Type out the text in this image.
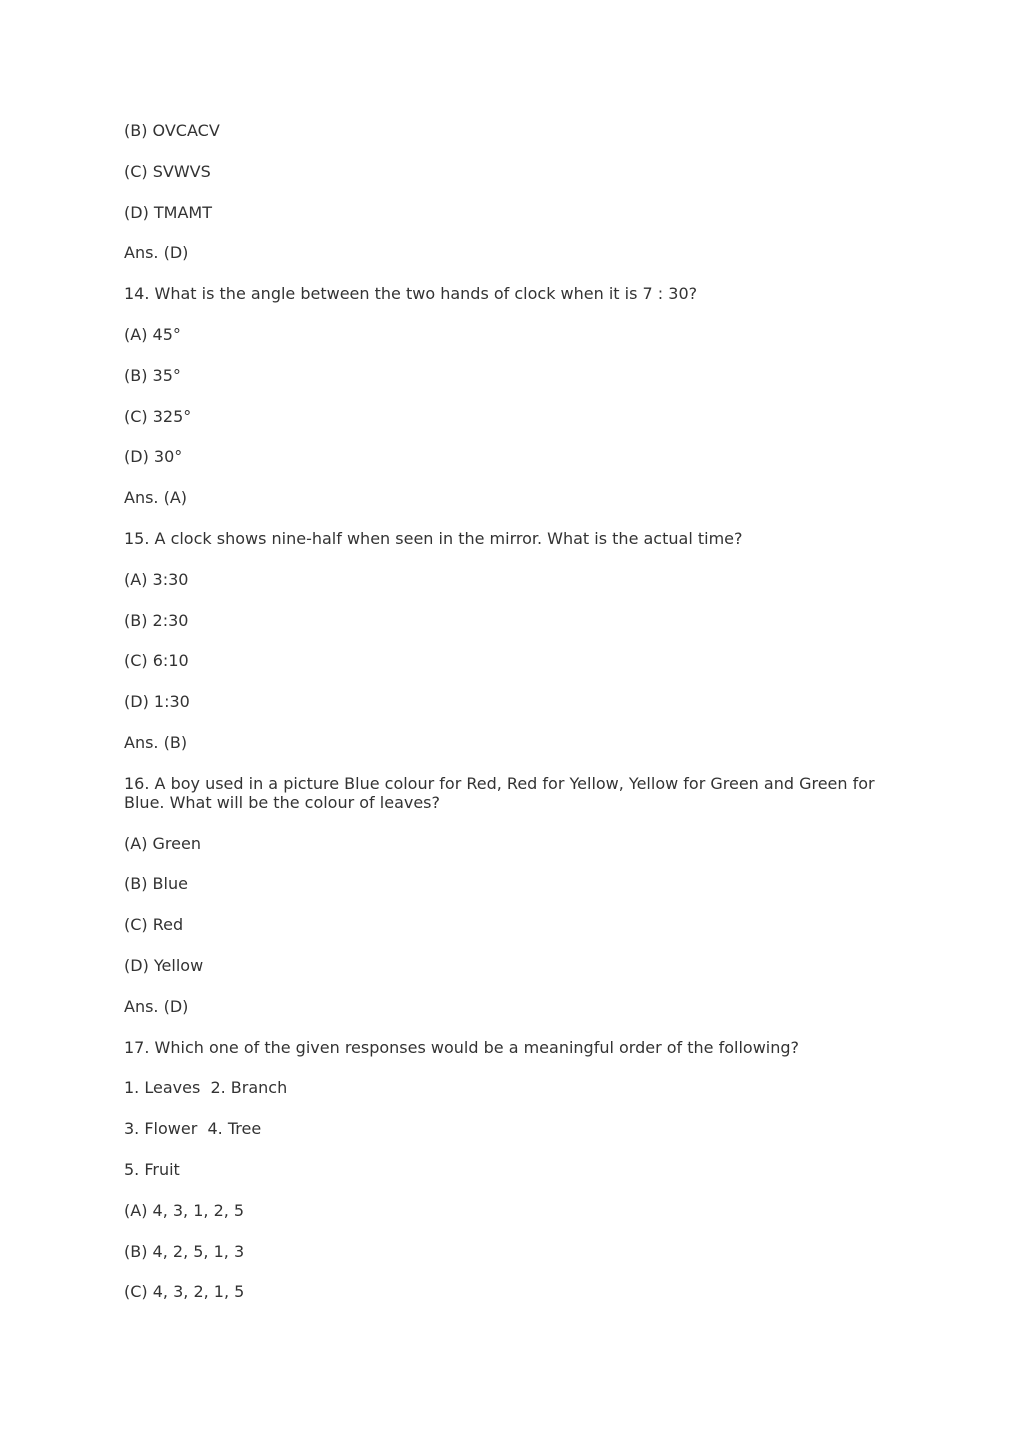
(B) OVCACV

(C) SVWVS

(D) TMAMT

Ans. (D)

14. What is the angle between the two hands of clock when it is 7 : 30?

(A) 45°

(B) 35°

(C) 325°

(D) 30°

Ans. (A)

15. A clock shows nine-half when seen in the mirror. What is the actual time?

(A) 3:30

(B) 2:30

(C) 6:10

(D) 1:30

Ans. (B)

16. A boy used in a picture Blue colour for Red, Red for Yellow, Yellow for Green and Green for Blue. What will be the colour of leaves?

(A) Green

(B) Blue

(C) Red

(D) Yellow

Ans. (D)

17. Which one of the given responses would be a meaningful order of the following?

1. Leaves  2. Branch

3. Flower  4. Tree

5. Fruit

(A) 4, 3, 1, 2, 5

(B) 4, 2, 5, 1, 3

(C) 4, 3, 2, 1, 5
